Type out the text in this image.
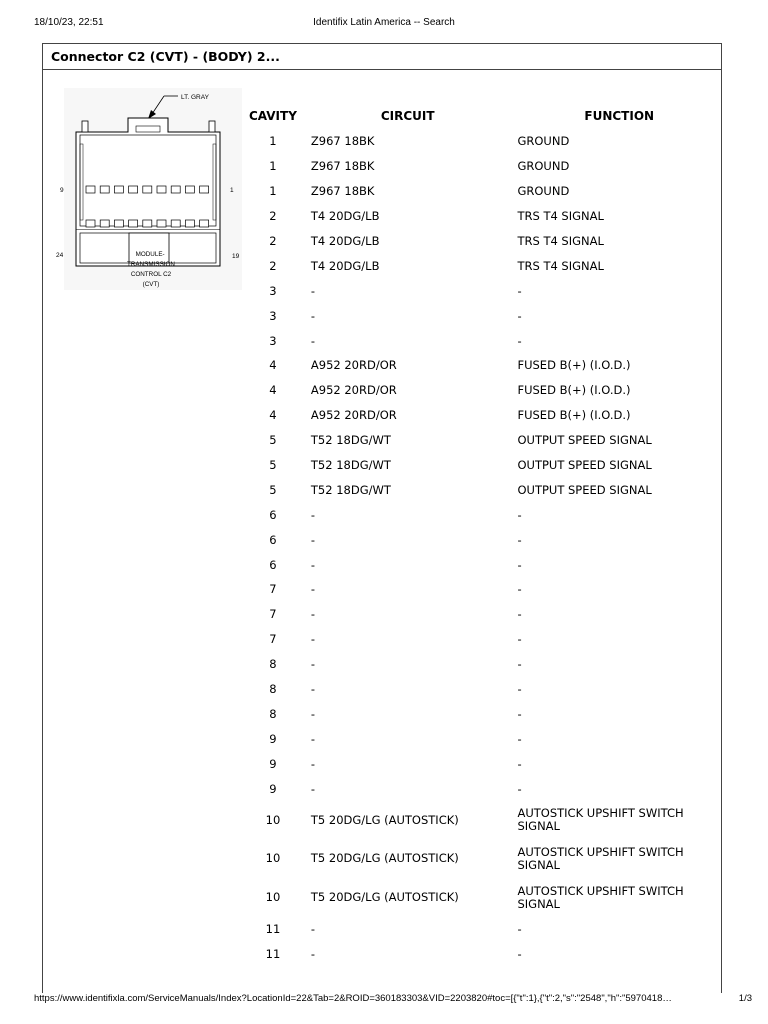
18/10/23, 22:51	Identifix Latin America -- Search
Connector C2 (CVT) - (BODY) 2...
LT. GRAY
9	1
24	19
MODULE- TRANSMISSION CONTROL C2 (CVT)
CAVITY	CIRCUIT	FUNCTION
1	Z967 18BK	GROUND
1	Z967 18BK	GROUND
1	Z967 18BK	GROUND
2	T4 20DG/LB	TRS T4 SIGNAL
2	T4 20DG/LB	TRS T4 SIGNAL
2	T4 20DG/LB	TRS T4 SIGNAL
3	-	-
3	-	-
3	-	-
4	A952 20RD/OR	FUSED B(+) (I.O.D.)
4	A952 20RD/OR	FUSED B(+) (I.O.D.)
4	A952 20RD/OR	FUSED B(+) (I.O.D.)
5	T52 18DG/WT	OUTPUT SPEED SIGNAL
5	T52 18DG/WT	OUTPUT SPEED SIGNAL
5	T52 18DG/WT	OUTPUT SPEED SIGNAL
6	-	-
6	-	-
6	-	-
7	-	-
7	-	-
7	-	-
8	-	-
8	-	-
8	-	-
9	-	-
9	-	-
9	-	-
10	T5 20DG/LG (AUTOSTICK)	AUTOSTICK UPSHIFT SWITCH SIGNAL
10	T5 20DG/LG (AUTOSTICK)	AUTOSTICK UPSHIFT SWITCH SIGNAL
10	T5 20DG/LG (AUTOSTICK)	AUTOSTICK UPSHIFT SWITCH SIGNAL
11	-	-
11	-	-
https://www.identifixla.com/ServiceManuals/Index?LocationId=22&Tab=2&ROID=360183303&VID=2203820#toc=[{"t":1},{"t":2,"s":"2548","h":"5970418…	1/3
